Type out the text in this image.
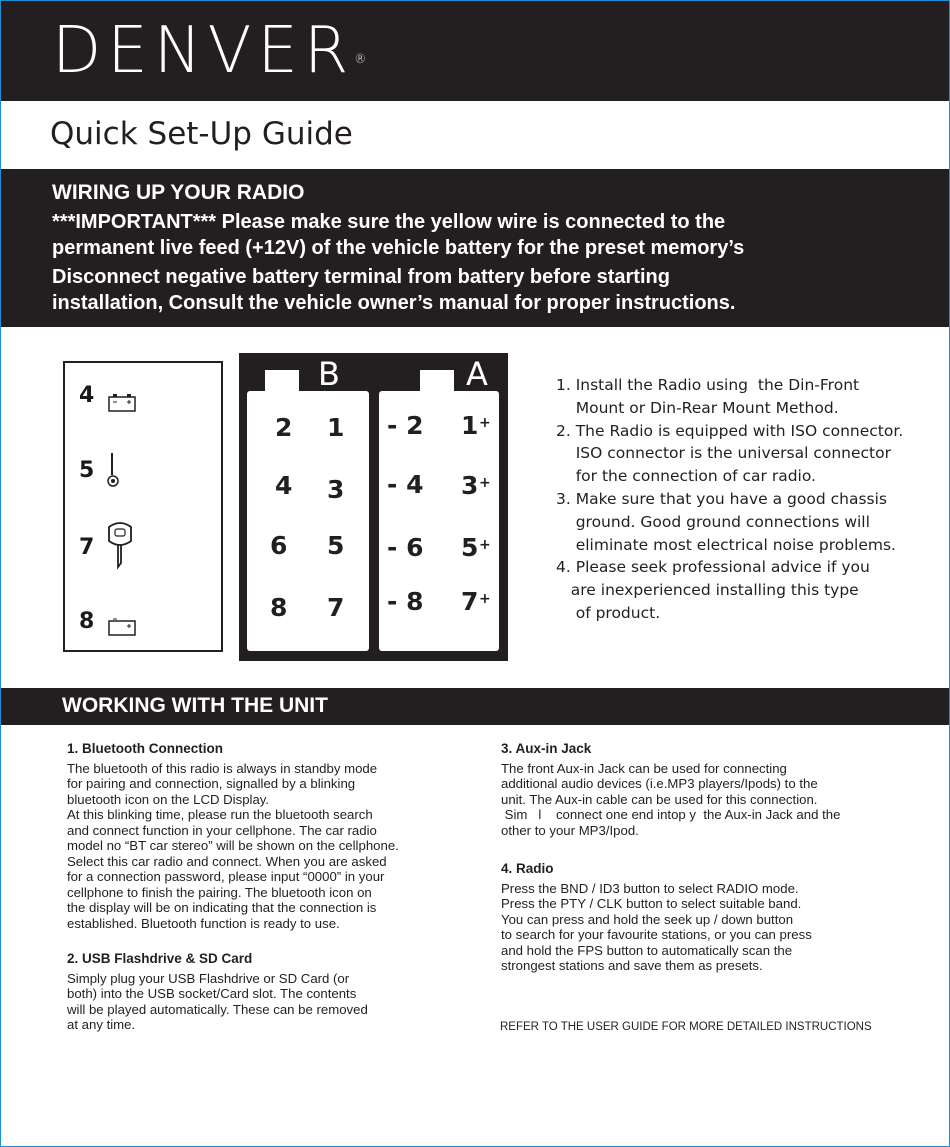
DENVER®
Quick Set-Up Guide
WIRING UP YOUR RADIO
***IMPORTANT*** Please make sure the yellow wire is connected to the
permanent live feed (+12V) of the vehicle battery for the preset memory’s
Disconnect negative battery terminal from battery before starting
installation, Consult the vehicle owner’s manual for proper instructions.
4
5
7
8
B	A
2 1
4 3
6 5
8 7
- 2 1 +
- 4 3 +
- 6 5 +
- 8 7 +
1. Install the Radio using  the Din-Front
Mount or Din-Rear Mount Method.
2. The Radio is equipped with ISO connector.
ISO connector is the universal connector
for the connection of car radio.
3. Make sure that you have a good chassis
ground. Good ground connections will
eliminate most electrical noise problems.
4. Please seek professional advice if you
are inexperienced installing this type
of product.
WORKING WITH THE UNIT
1. Bluetooth Connection
The bluetooth of this radio is always in standby mode
for pairing and connection, signalled by a blinking
bluetooth icon on the LCD Display.
At this blinking time, please run the bluetooth search
and connect function in your cellphone. The car radio
model no “BT car stereo” will be shown on the cellphone.
Select this car radio and connect. When you are asked
for a connection password, please input “0000” in your
cellphone to finish the pairing. The bluetooth icon on
the display will be on indicating that the connection is
established. Bluetooth function is ready to use.
2. USB Flashdrive & SD Card
Simply plug your USB Flashdrive or SD Card (or
both) into the USB socket/Card slot. The contents
will be played automatically. These can be removed
at any time.
3. Aux-in Jack
The front Aux-in Jack can be used for connecting
additional audio devices (i.e.MP3 players/Ipods) to the
unit. The Aux-in cable can be used for this connection.
Sim   l    connect one end intop y  the Aux-in Jack and the
other to your MP3/Ipod.
4. Radio
Press the BND / ID3 button to select RADIO mode.
Press the PTY / CLK button to select suitable band.
You can press and hold the seek up / down button
to search for your favourite stations, or you can press
and hold the FPS button to automatically scan the
strongest stations and save them as presets.
REFER TO THE USER GUIDE FOR MORE DETAILED INSTRUCTIONS
